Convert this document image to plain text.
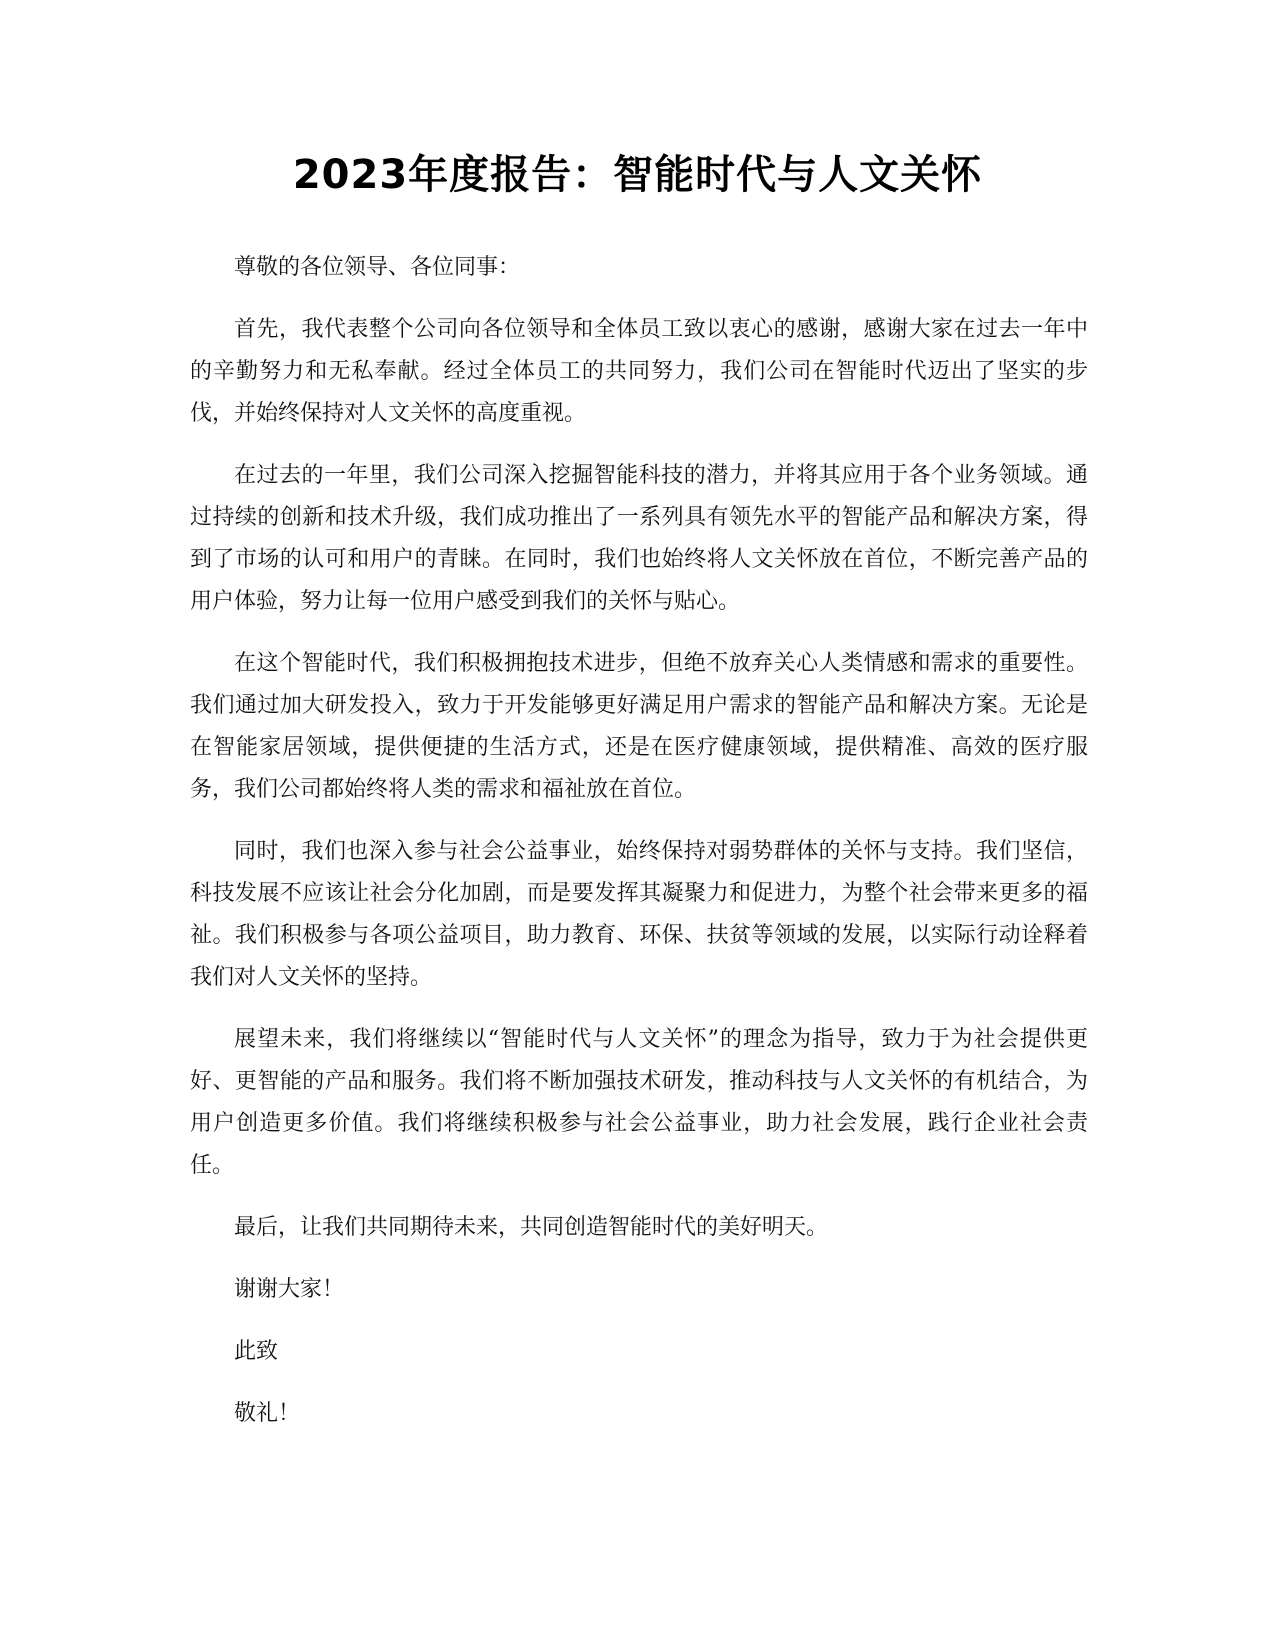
2023年度报告：智能时代与人文关怀

尊敬的各位领导、各位同事：

首先，我代表整个公司向各位领导和全体员工致以衷心的感谢，感谢大家在过去一年中的辛勤努力和无私奉献。经过全体员工的共同努力，我们公司在智能时代迈出了坚实的步伐，并始终保持对人文关怀的高度重视。

在过去的一年里，我们公司深入挖掘智能科技的潜力，并将其应用于各个业务领域。通过持续的创新和技术升级，我们成功推出了一系列具有领先水平的智能产品和解决方案，得到了市场的认可和用户的青睐。在同时，我们也始终将人文关怀放在首位，不断完善产品的用户体验，努力让每一位用户感受到我们的关怀与贴心。

在这个智能时代，我们积极拥抱技术进步，但绝不放弃关心人类情感和需求的重要性。我们通过加大研发投入，致力于开发能够更好满足用户需求的智能产品和解决方案。无论是在智能家居领域，提供便捷的生活方式，还是在医疗健康领域，提供精准、高效的医疗服务，我们公司都始终将人类的需求和福祉放在首位。

同时，我们也深入参与社会公益事业，始终保持对弱势群体的关怀与支持。我们坚信，科技发展不应该让社会分化加剧，而是要发挥其凝聚力和促进力，为整个社会带来更多的福祉。我们积极参与各项公益项目，助力教育、环保、扶贫等领域的发展，以实际行动诠释着我们对人文关怀的坚持。

展望未来，我们将继续以“智能时代与人文关怀”的理念为指导，致力于为社会提供更好、更智能的产品和服务。我们将不断加强技术研发，推动科技与人文关怀的有机结合，为用户创造更多价值。我们将继续积极参与社会公益事业，助力社会发展，践行企业社会责任。

最后，让我们共同期待未来，共同创造智能时代的美好明天。

谢谢大家！

此致

敬礼！
